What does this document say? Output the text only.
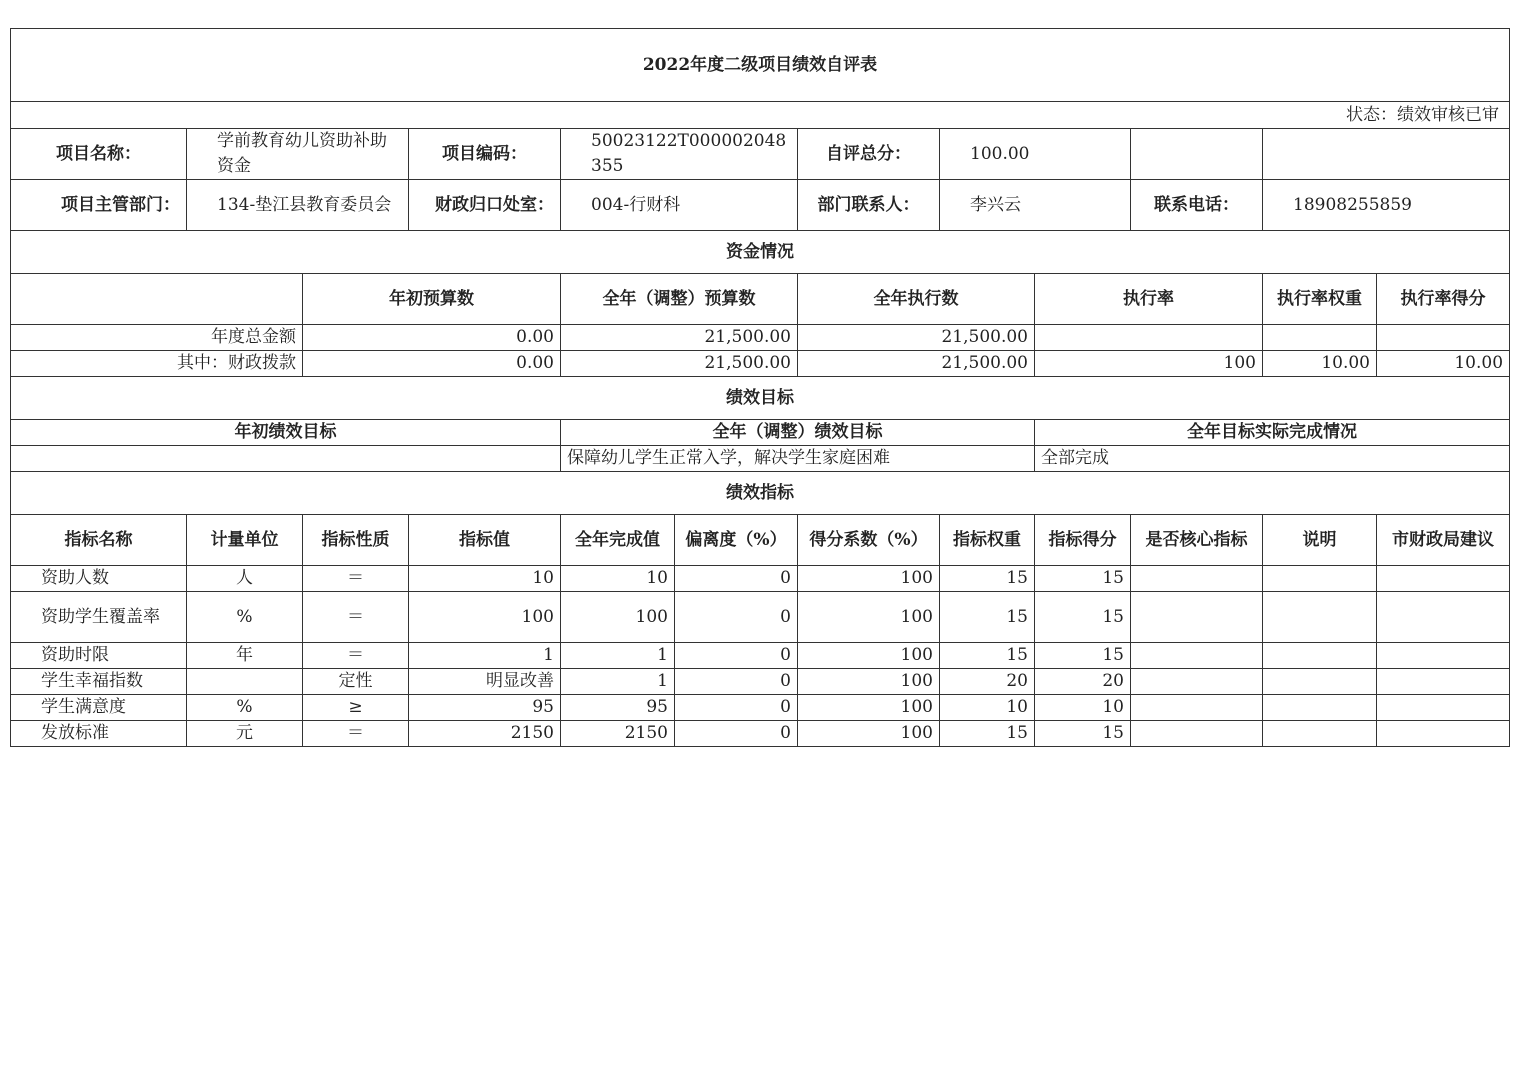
2022年度二级项目绩效自评表											
状态：绩效审核已审											
项目名称：	学前教育幼儿资助补助资金		项目编码：	50023122T000002048355		自评总分：	100.00				
项目主管部门：	134-垫江县教育委员会		财政归口处室：	004-行财科		部门联系人：	李兴云		联系电话：	18908255859	
资金情况											
		年初预算数		全年（调整）预算数		全年执行数		执行率		执行率权重	执行率得分
年度总金额		0.00		21,500.00		21,500.00					
其中：财政拨款		0.00		21,500.00		21,500.00		100		10.00	10.00
绩效目标											
年初绩效目标				全年（调整）绩效目标				全年目标实际完成情况			
				保障幼儿学生正常入学，解决学生家庭困难				全部完成			
绩效指标											
指标名称	计量单位	指标性质	指标值	全年完成值	偏离度（%）	得分系数（%）	指标权重	指标得分	是否核心指标	说明	市财政局建议
资助人数	人	＝	10	10	0	100	15	15			
资助学生覆盖率	%	＝	100	100	0	100	15	15			
资助时限	年	＝	1	1	0	100	15	15			
学生幸福指数		定性	明显改善	1	0	100	20	20			
学生满意度	%	≥	95	95	0	100	10	10			
发放标准	元	＝	2150	2150	0	100	15	15			
